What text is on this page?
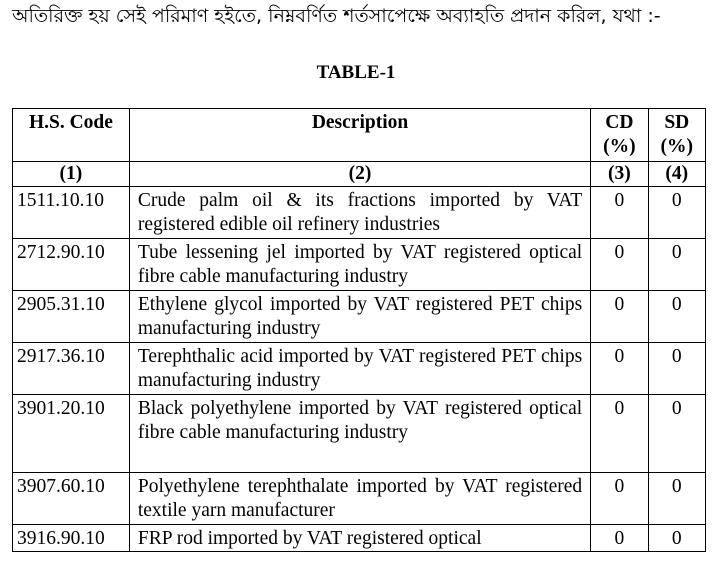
অতিরিক্ত হয় সেই পরিমাণ হইতে, নিম্নবর্ণিত শর্তসাপেক্ষে অব্যাহতি প্রদান করিল, যথা :-
TABLE-1
H.S. Code	Description	CD (%)	SD (%)
(1)	(2)	(3)	(4)
1511.10.10	Crude palm oil & its fractions imported by VAT registered edible oil refinery industries	0	0
2712.90.10	Tube lessening jel imported by VAT registered optical fibre cable manufacturing industry	0	0
2905.31.10	Ethylene glycol imported by VAT registered PET chips manufacturing industry	0	0
2917.36.10	Terephthalic acid imported by VAT registered PET chips manufacturing industry	0	0
3901.20.10	Black polyethylene imported by VAT registered optical fibre cable manufacturing industry	0	0
3907.60.10	Polyethylene terephthalate imported by VAT registered textile yarn manufacturer	0	0
3916.90.10	FRP rod imported by VAT registered optical	0	0
